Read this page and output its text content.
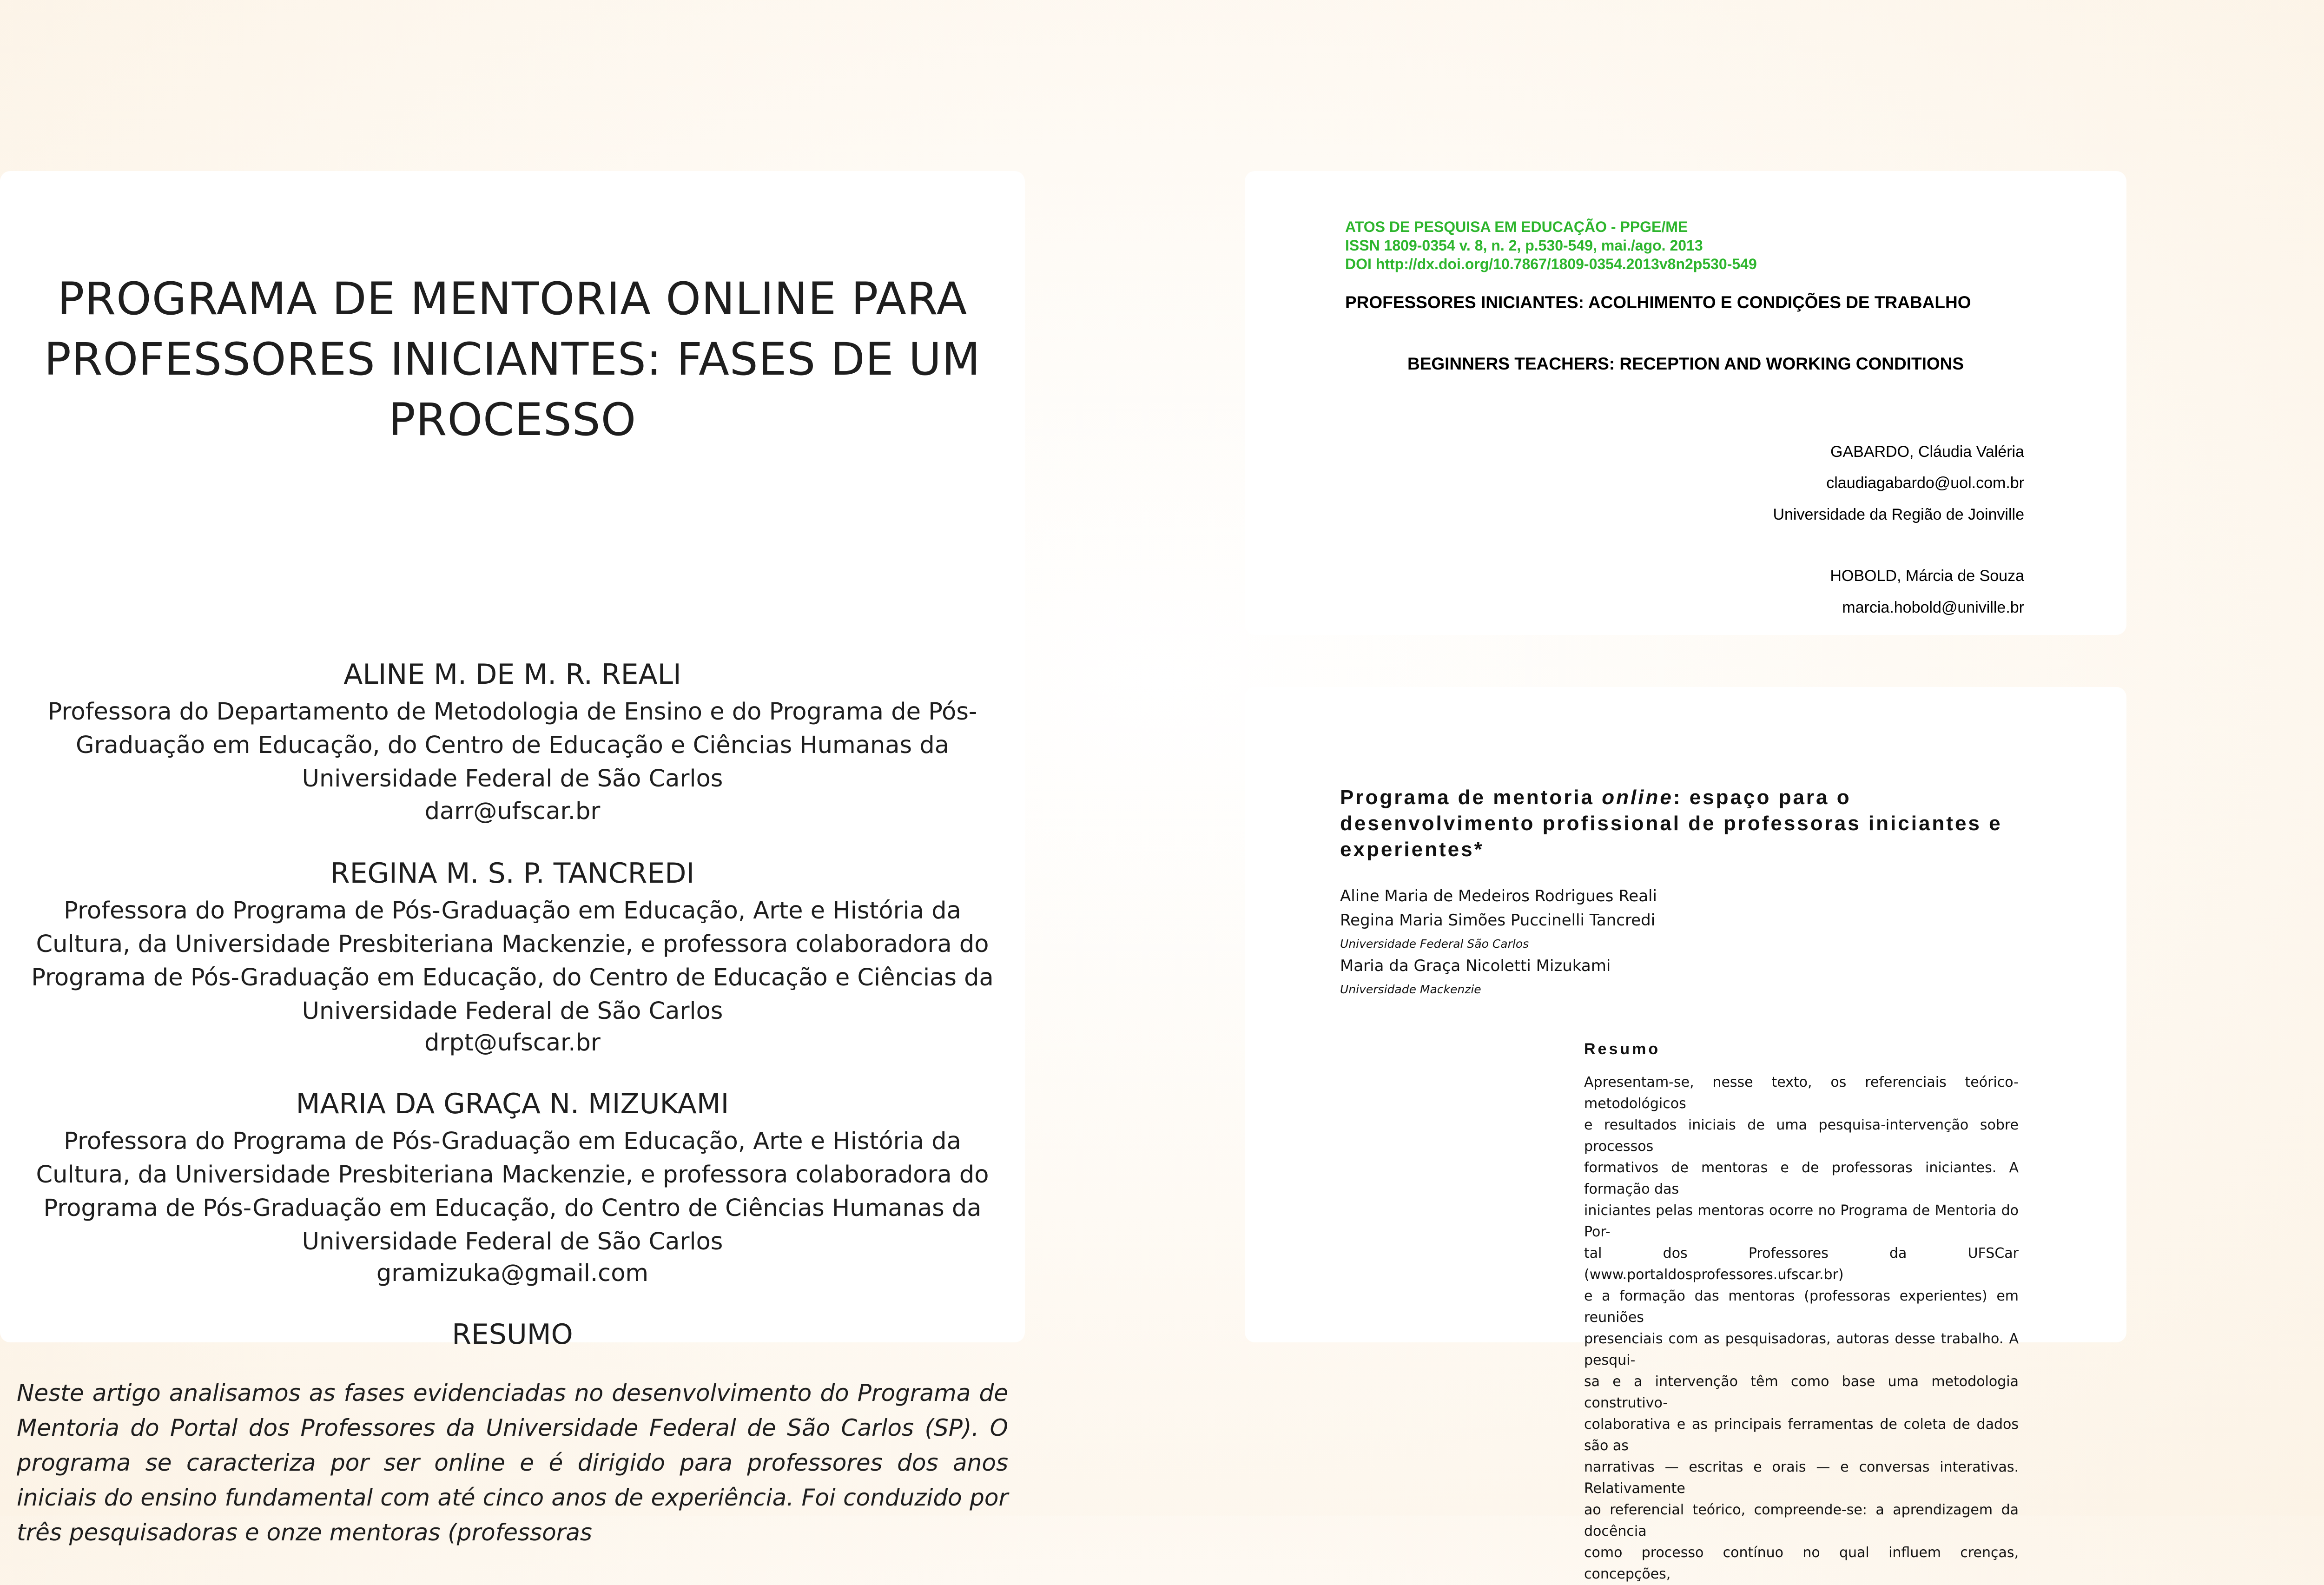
PROGRAMA DE MENTORIA ONLINE PARA PROFESSORES INICIANTES: FASES DE UM PROCESSO
ALINE M. DE M. R. REALI
Professora do Departamento de Metodologia de Ensino e do Programa de Pós-Graduação em Educação, do Centro de Educação e Ciências Humanas da Universidade Federal de São Carlos
darr@ufscar.br
REGINA M. S. P. TANCREDI
Professora do Programa de Pós-Graduação em Educação, Arte e História da Cultura, da Universidade Presbiteriana Mackenzie, e professora colaboradora do Programa de Pós-Graduação em Educação, do Centro de Educação e Ciências da Universidade Federal de São Carlos
drpt@ufscar.br
MARIA DA GRAÇA N. MIZUKAMI
Professora do Programa de Pós-Graduação em Educação, Arte e História da Cultura, da Universidade Presbiteriana Mackenzie, e professora colaboradora do Programa de Pós-Graduação em Educação, do Centro de Ciências Humanas da Universidade Federal de São Carlos
gramizuka@gmail.com
RESUMO
Neste artigo analisamos as fases evidenciadas no desenvolvimento do Programa de Mentoria do Portal dos Professores da Universidade Federal de São Carlos (SP). O programa se caracteriza por ser online e é dirigido para professores dos anos iniciais do ensino fundamental com até cinco anos de experiência. Foi conduzido por três pesquisadoras e onze mentoras (professoras
ATOS DE PESQUISA EM EDUCAÇÃO - PPGE/ME
ISSN 1809-0354 v. 8, n. 2, p.530-549, mai./ago. 2013
DOI http://dx.doi.org/10.7867/1809-0354.2013v8n2p530-549
PROFESSORES INICIANTES: ACOLHIMENTO E CONDIÇÕES DE TRABALHO
BEGINNERS TEACHERS: RECEPTION AND WORKING CONDITIONS
GABARDO, Cláudia Valéria
claudiagabardo@uol.com.br
Universidade da Região de Joinville
HOBOLD, Márcia de Souza
marcia.hobold@univille.br
Programa de mentoria online: espaço para o desenvolvimento profissional de professoras iniciantes e experientes*
Aline Maria de Medeiros Rodrigues Reali
Regina Maria Simões Puccinelli Tancredi
Universidade Federal São Carlos
Maria da Graça Nicoletti Mizukami
Universidade Mackenzie
Resumo
Apresentam-se, nesse texto, os referenciais teórico-metodológicos
e resultados iniciais de uma pesquisa-intervenção sobre processos
formativos de mentoras e de professoras iniciantes. A formação das
iniciantes pelas mentoras ocorre no Programa de Mentoria do Por-
tal dos Professores da UFSCar (www.portaldosprofessores.ufscar.br)
e a formação das mentoras (professoras experientes) em reuniões
presenciais com as pesquisadoras, autoras desse trabalho. A pesqui-
sa e a intervenção têm como base uma metodologia construtivo-
colaborativa e as principais ferramentas de coleta de dados são as
narrativas — escritas e orais — e conversas interativas. Relativamente
ao referencial teórico, compreende-se: a aprendizagem da docência
como processo contínuo no qual influem crenças, concepções,
